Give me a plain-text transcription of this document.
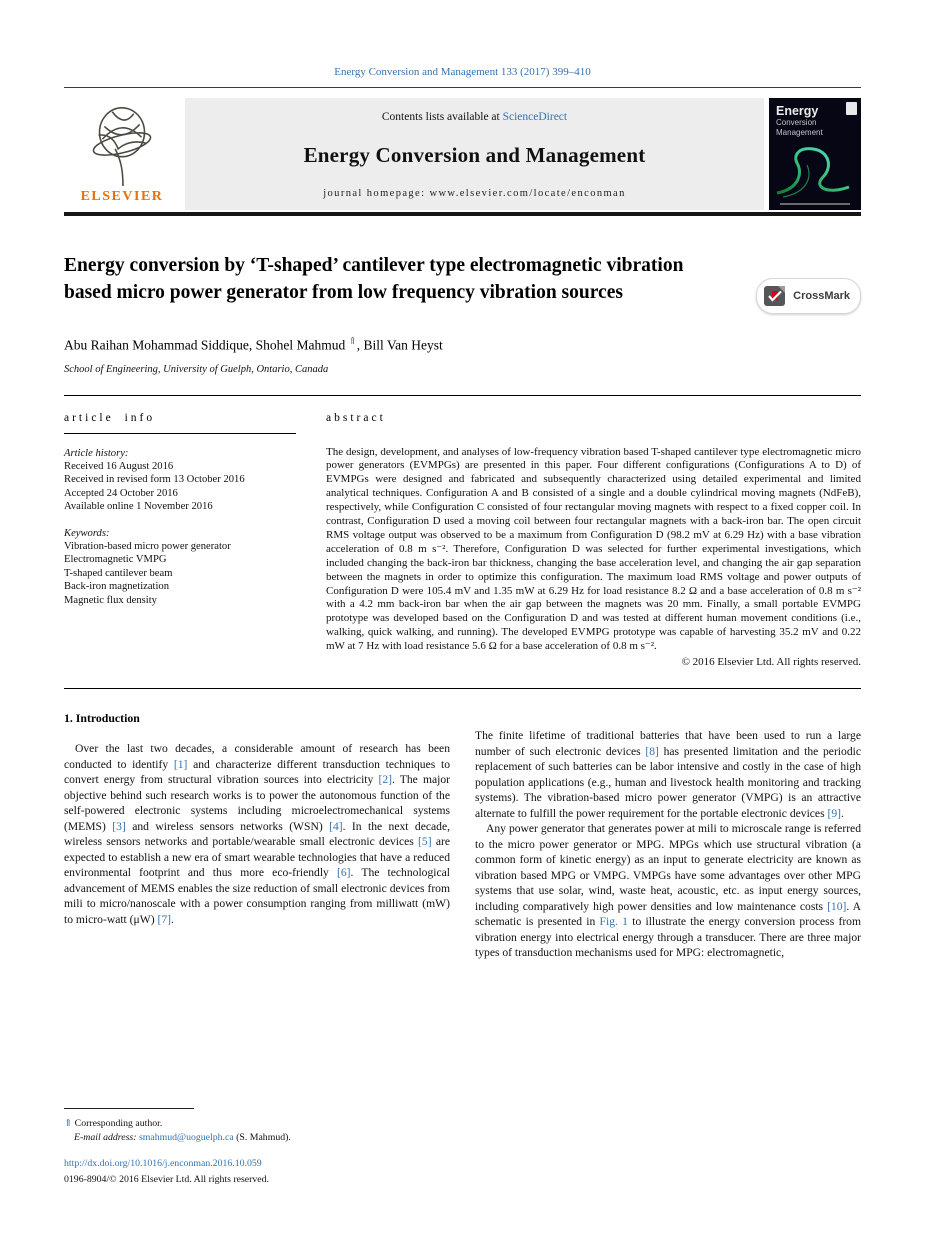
Energy Conversion and Management 133 (2017) 399–410
ELSEVIER
Contents lists available at ScienceDirect
Energy Conversion and Management
journal homepage: www.elsevier.com/locate/enconman
Energy
Conversion
Management
Energy conversion by ‘T-shaped’ cantilever type electromagnetic vibration based micro power generator from low frequency vibration sources	CrossMark
Abu Raihan Mohammad Siddique, Shohel Mahmud ⇑, Bill Van Heyst
School of Engineering, University of Guelph, Ontario, Canada
article info
Article history:
Received 16 August 2016
Received in revised form 13 October 2016
Accepted 24 October 2016
Available online 1 November 2016
Keywords:
Vibration-based micro power generator
Electromagnetic VMPG
T-shaped cantilever beam
Back-iron magnetization
Magnetic flux density
abstract

The design, development, and analyses of low-frequency vibration based T-shaped cantilever type electromagnetic micro power generators (EVMPGs) are presented in this paper. Four different configurations (Configurations A to D) of EVMPGs were designed and fabricated and subsequently characterized using detailed experimental and limited analytical techniques. Configuration A and B consisted of a single and a double cylindrical moving magnets (NdFeB), respectively, while Configuration C consisted of four rectangular moving magnets with respect to a fixed copper coil. In contrast, Configuration D used a moving coil between four rectangular magnets with a back-iron bar. The open circuit RMS voltage output was observed to be a maximum from Configuration D (98.2 mV at 6.29 Hz) with a base vibration acceleration of 0.8 m s⁻². Therefore, Configuration D was selected for further experimental investigations, which included changing the back-iron bar thickness, changing the base acceleration level, and changing the air gap separation between the magnets in order to optimize this configuration. The maximum load RMS voltage and power outputs of Configuration D were 105.4 mV and 1.35 mW at 6.29 Hz for load resistance 8.2 Ω and a base acceleration of 0.8 m s⁻² with a 4.2 mm back-iron bar when the air gap between the magnets was 20 mm. Finally, a small portable EVMPG prototype was developed based on the Configuration D and was tested at different human movement conditions (i.e., walking, quick walking, and running). The developed EVMPG prototype was capable of harvesting 35.2 mV and 0.22 mW at 7 Hz with load resistance 5.6 Ω for a base acceleration of 0.8 m s⁻².

© 2016 Elsevier Ltd. All rights reserved.
1. Introduction

Over the last two decades, a considerable amount of research has been conducted to identify [1] and characterize different transduction techniques to convert energy from structural vibration sources into electricity [2]. The major objective behind such research works is to power the autonomous function of the self-powered electronic systems including microelectromechanical systems (MEMS) [3] and wireless sensors networks (WSN) [4]. In the next decade, wireless sensors networks and portable/wearable small electronic devices [5] are expected to establish a new era of smart wearable technologies that have a reduced environmental footprint and thus more eco-friendly [6]. The technological advancement of MEMS enables the size reduction of small electronic devices from mili to micro/nanoscale with a power consumption ranging from milliwatt (mW) to micro-watt (μW) [7].

The finite lifetime of traditional batteries that have been used to run a large number of such electronic devices [8] has presented limitation and the periodic replacement of such batteries can be labor intensive and costly in the case of high population applications (e.g., human and livestock health monitoring and tracking systems). The vibration-based micro power generator (VMPG) is an attractive alternate to fulfill the power requirement for the portable electronic devices [9].

Any power generator that generates power at mili to microscale range is referred to the micro power generator or MPG. MPGs which use structural vibration (a common form of kinetic energy) as an input to generate electricity are known as vibration based MPG or VMPG. VMPGs have some advantages over other MPG systems that use solar, wind, waste heat, acoustic, etc. as input energy sources, including comparatively high power densities and low maintenance costs [10]. A schematic is presented in Fig. 1 to illustrate the energy conversion process from vibration energy into electrical energy through a transducer. There are three major types of transduction mechanisms used for MPG: electromagnetic,

⇑ Corresponding author.
E-mail address: smahmud@uoguelph.ca (S. Mahmud).
http://dx.doi.org/10.1016/j.enconman.2016.10.059
0196-8904/© 2016 Elsevier Ltd. All rights reserved.
